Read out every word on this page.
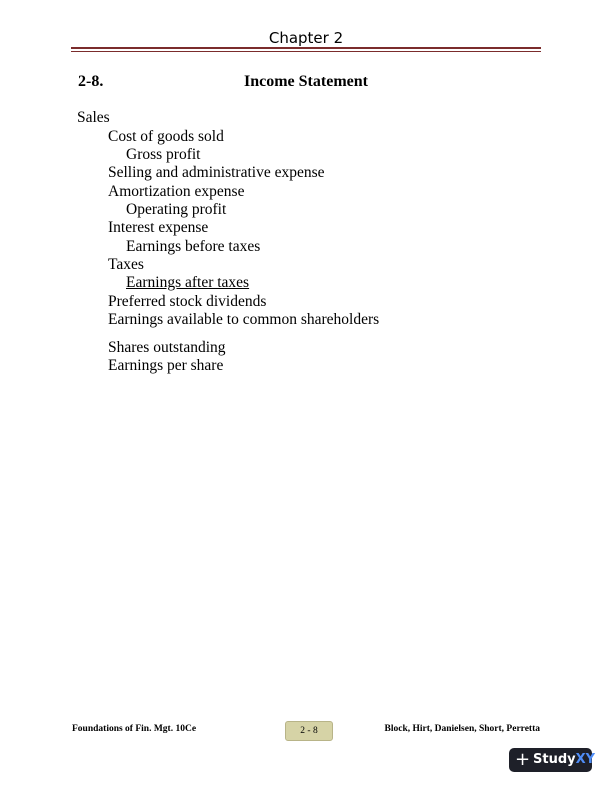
Chapter 2
2-8.	Income Statement
Sales
Cost of goods sold
Gross profit
Selling and administrative expense
Amortization expense
Operating profit
Interest expense
Earnings before taxes
Taxes
Earnings after taxes
Preferred stock dividends
Earnings available to common shareholders
Shares outstanding
Earnings per share
Foundations of Fin. Mgt. 10Ce	2 - 8	Block, Hirt, Danielsen, Short, Perretta
+ StudyXY
